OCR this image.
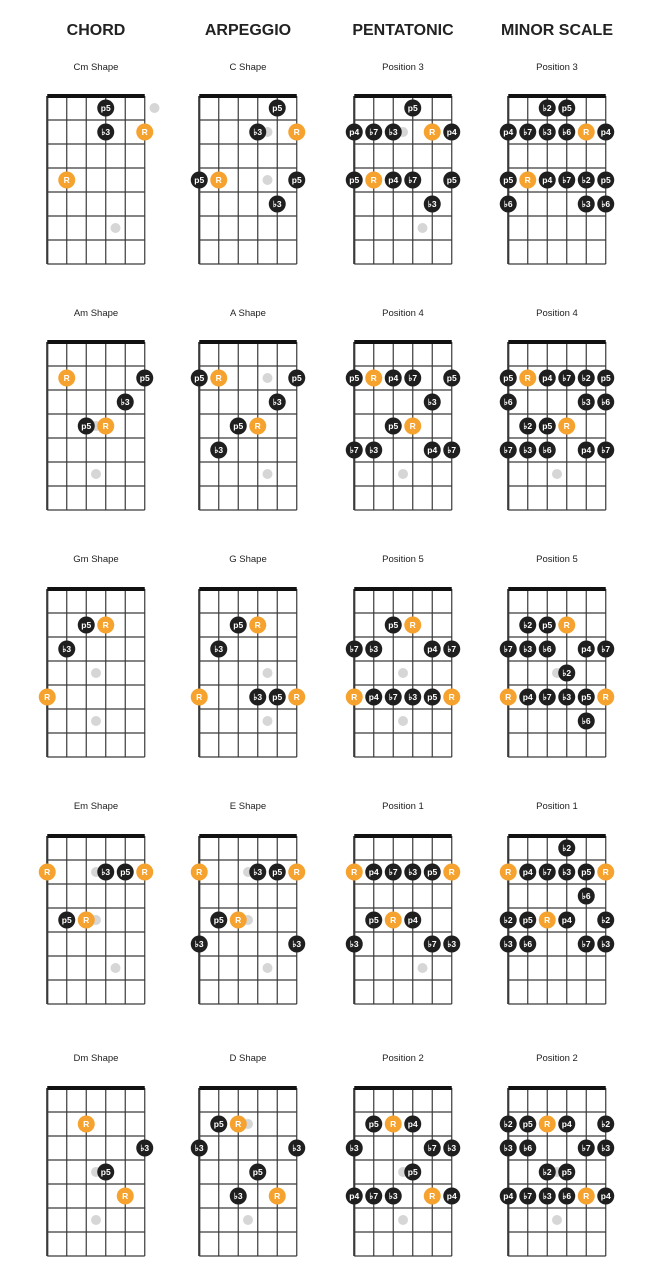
CHORD	ARPEGGIO	PENTATONIC	MINOR SCALE
Cm Shape
p5
♭3	R
R
C Shape
p5
♭3	R
p5 R	p5
♭3
Position 3
p5
p4 ♭7 ♭3	R p4
p5 R p4 ♭7	p5
♭3
Position 3
♭2 p5
p4 ♭7 ♭3 ♭6 R p4
p5 R p4 ♭7 ♭2 p5
♭6	♭3 ♭6
Am Shape
R	p5
♭3
p5 R
A Shape
p5 R	p5
♭3
p5 R
♭3
Position 4
p5 R p4 ♭7	p5
♭3
p5 R
♭7 ♭3	p4 ♭7
Position 4
p5 R p4 ♭7 ♭2 p5
♭6	♭3 ♭6
♭2 p5 R
♭7 ♭3 ♭6	p4 ♭7
Gm Shape
p5 R
♭3
R
G Shape
p5 R
♭3
R	♭3 p5 R
Position 5
p5 R
♭7 ♭3	p4 ♭7
R p4 ♭7 ♭3 p5 R
Position 5
♭2 p5 R
♭7 ♭3 ♭6	p4 ♭7
♭2
R p4 ♭7 ♭3 p5 R
♭6
Em Shape
R	♭3 p5 R
p5 R
E Shape
R	♭3 p5 R
p5 R
♭3	♭3
Position 1
R p4 ♭7 ♭3 p5 R
p5 R p4
♭3	♭7 ♭3
Position 1
♭2
R p4 ♭7 ♭3 p5 R
♭6
♭2 p5 R p4	♭2
♭3 ♭6	♭7 ♭3
Dm Shape
R
♭3
p5
R
D Shape
p5 R
♭3	♭3
p5
♭3	R
Position 2
p5 R p4
♭3	♭7 ♭3
p5
p4 ♭7 ♭3	R p4
Position 2
♭2 p5 R p4	♭2
♭3 ♭6	♭7 ♭3
♭2 p5
p4 ♭7 ♭3 ♭6 R p4
